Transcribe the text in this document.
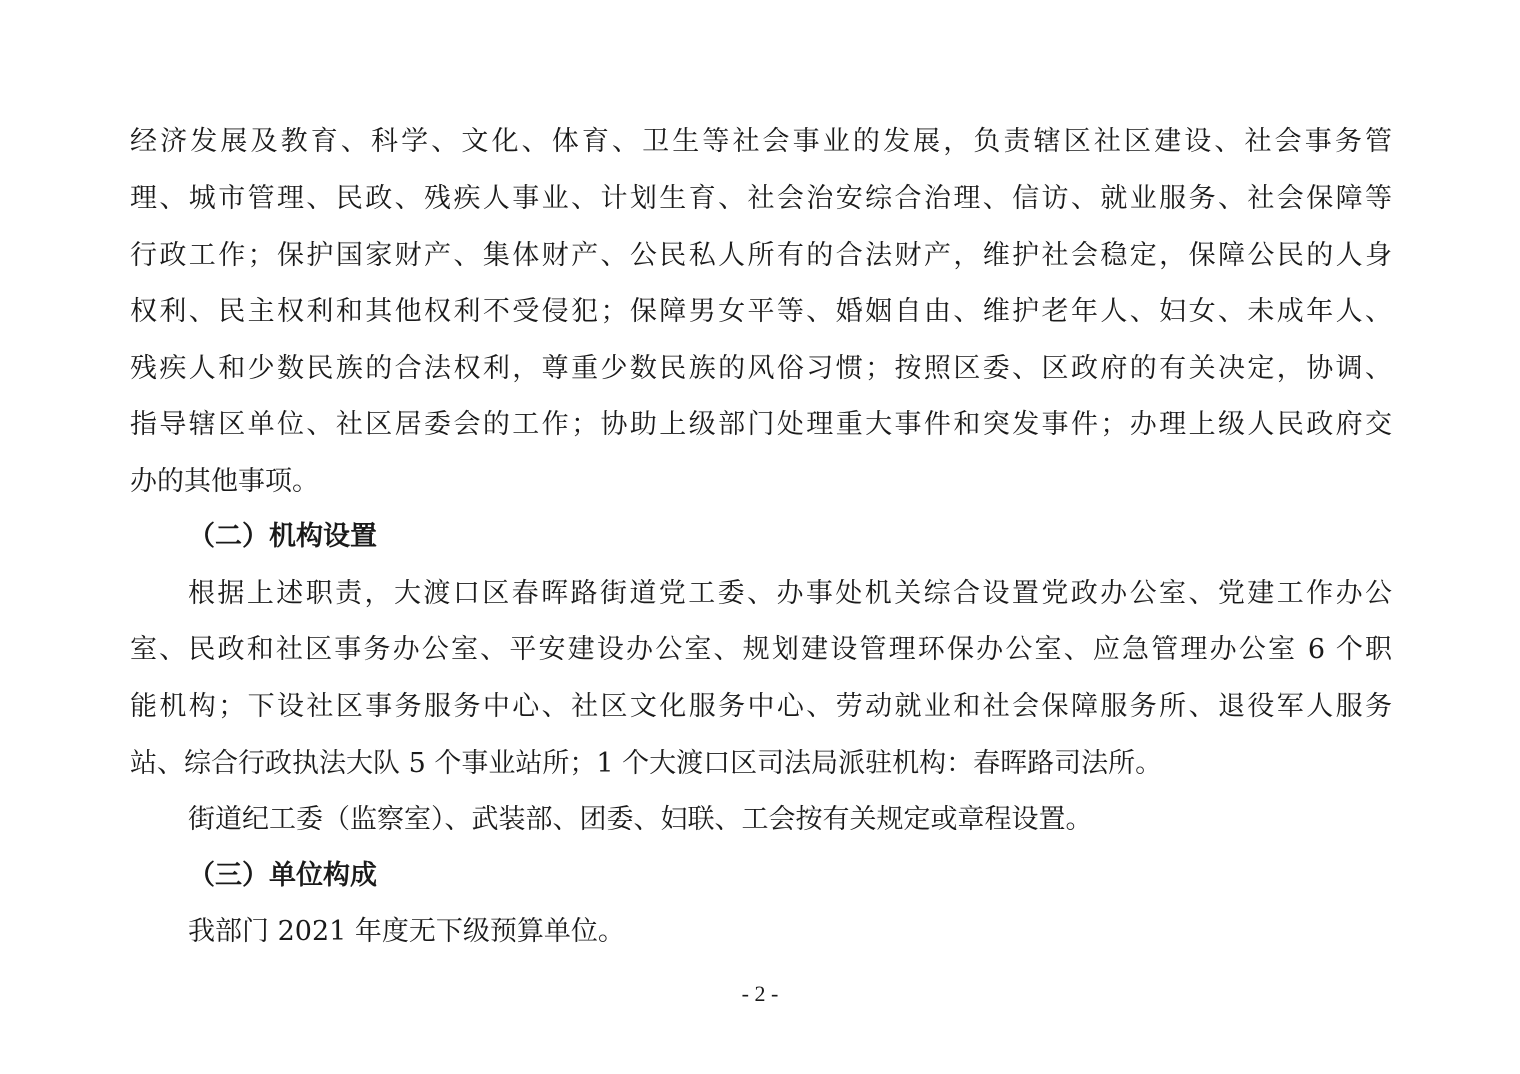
经济发展及教育、科学、文化、体育、卫生等社会事业的发展，负责辖区社区建设、社会事务管
理、城市管理、民政、残疾人事业、计划生育、社会治安综合治理、信访、就业服务、社会保障等
行政工作；保护国家财产、集体财产、公民私人所有的合法财产，维护社会稳定，保障公民的人身
权利、民主权利和其他权利不受侵犯；保障男女平等、婚姻自由、维护老年人、妇女、未成年人、
残疾人和少数民族的合法权利，尊重少数民族的风俗习惯；按照区委、区政府的有关决定，协调、
指导辖区单位、社区居委会的工作；协助上级部门处理重大事件和突发事件；办理上级人民政府交
办的其他事项。
（二）机构设置
根据上述职责，大渡口区春晖路街道党工委、办事处机关综合设置党政办公室、党建工作办公
室、民政和社区事务办公室、平安建设办公室、规划建设管理环保办公室、应急管理办公室 6 个职
能机构；下设社区事务服务中心、社区文化服务中心、劳动就业和社会保障服务所、退役军人服务
站、综合行政执法大队 5 个事业站所；1 个大渡口区司法局派驻机构：春晖路司法所。
街道纪工委（监察室）、武装部、团委、妇联、工会按有关规定或章程设置。
（三）单位构成
我部门 2021 年度无下级预算单位。
- 2 -
